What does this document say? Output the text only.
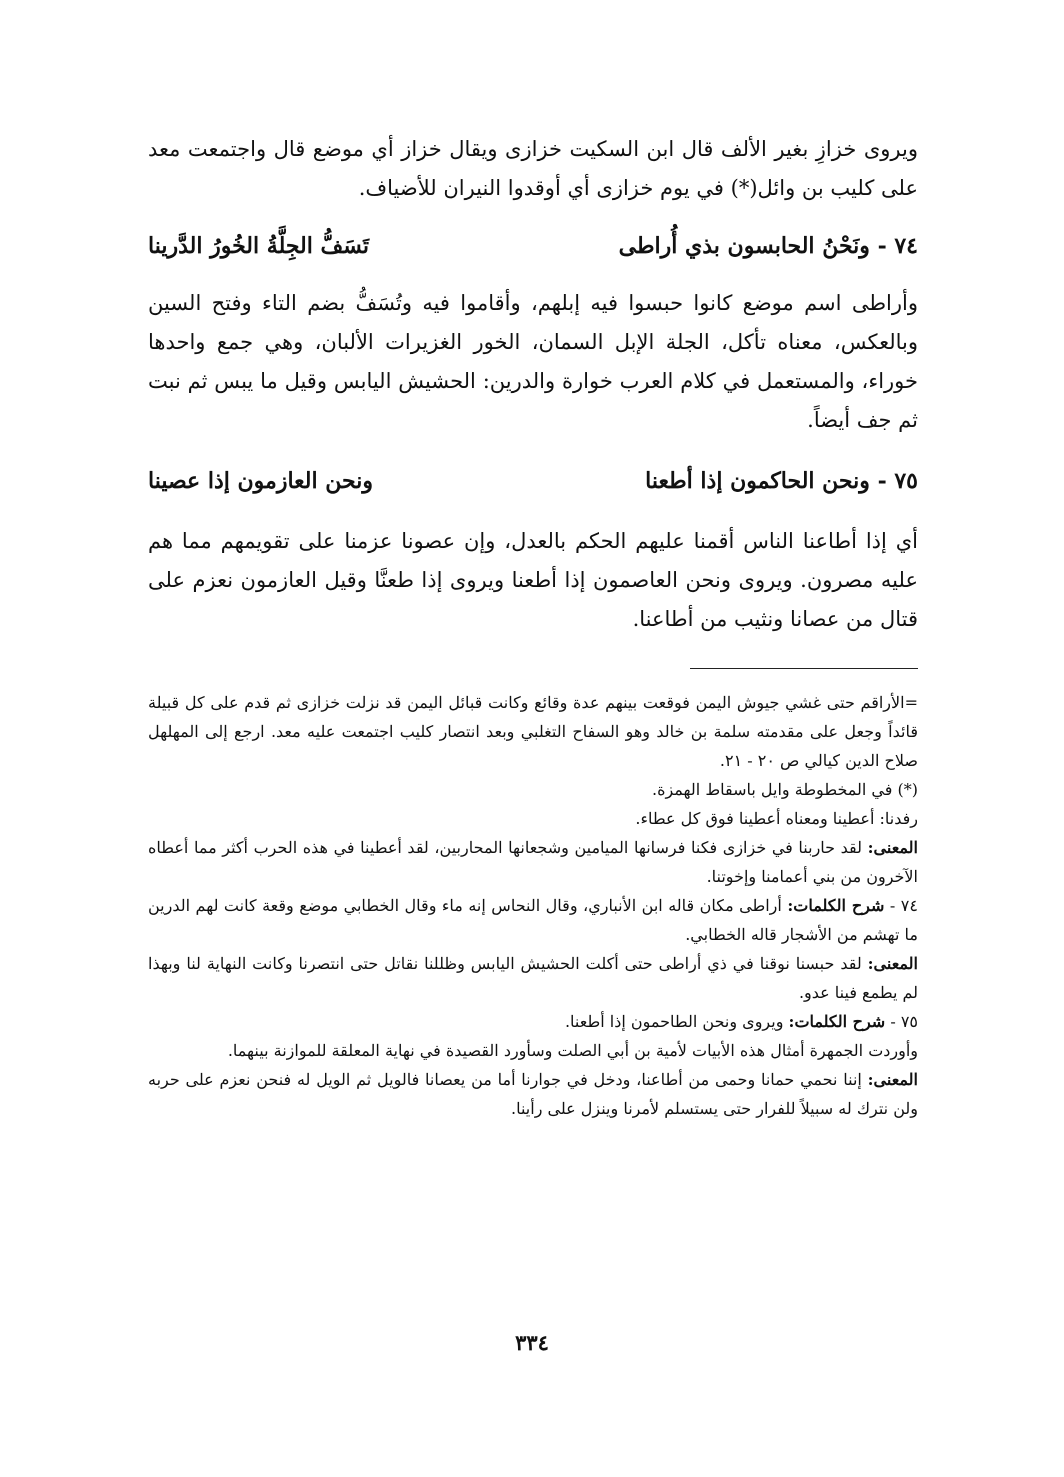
ويروى خزازِ بغير الألف قال ابن السكيت خزازى ويقال خزاز أي موضع قال واجتمعت معد على كليب بن وائل(*) في يوم خزازى أي أوقدوا النيران للأضياف.
٧٤ - ونَحْنُ الحابسون بذي أُراطى
تَسَفُّ الجِلَّةُ الخُورُ الدَّرينا
وأراطى اسم موضع كانوا حبسوا فيه إبلهم، وأقاموا فيه وتُسَفُّ بضم التاء وفتح السين وبالعكس، معناه تأكل، الجلة الإبل السمان، الخور الغزيرات الألبان، وهي جمع واحدها خوراء، والمستعمل في كلام العرب خوارة والدرين: الحشيش اليابس وقيل ما يبس ثم نبت ثم جف أيضاً.
٧٥ - ونحن الحاكمون إذا أطعنا
ونحن العازمون إذا عصينا
أي إذا أطاعنا الناس أقمنا عليهم الحكم بالعدل، وإن عصونا عزمنا على تقويمهم مما هم عليه مصرون. ويروى ونحن العاصمون إذا أطعنا ويروى إذا طعنَّا وقيل العازمون نعزم على قتال من عصانا ونثيب من أطاعنا.
=الأراقم حتى غشي جيوش اليمن فوقعت بينهم عدة وقائع وكانت قبائل اليمن قد نزلت خزازى ثم قدم على كل قبيلة قائداً وجعل على مقدمته سلمة بن خالد وهو السفاح التغلبي وبعد انتصار كليب اجتمعت عليه معد. ارجع إلى المهلهل صلاح الدين كيالي ص ٢٠ - ٢١.
(*) في المخطوطة وايل باسقاط الهمزة.
رفدنا: أعطينا ومعناه أعطينا فوق كل عطاء.
المعنى: لقد حاربنا في خزازى فكنا فرسانها الميامين وشجعانها المحاربين، لقد أعطينا في هذه الحرب أكثر مما أعطاه الآخرون من بني أعمامنا وإخوتنا.
٧٤ - شرح الكلمات: أراطى مكان قاله ابن الأنباري، وقال النحاس إنه ماء وقال الخطابي موضع وقعة كانت لهم الدرين ما تهشم من الأشجار قاله الخطابي.
المعنى: لقد حبسنا نوقنا في ذي أراطى حتى أكلت الحشيش اليابس وظللنا نقاتل حتى انتصرنا وكانت النهاية لنا وبهذا لم يطمع فينا عدو.
٧٥ - شرح الكلمات: ويروى ونحن الطاحمون إذا أطعنا.
وأوردت الجمهرة أمثال هذه الأبيات لأمية بن أبي الصلت وسأورد القصيدة في نهاية المعلقة للموازنة بينهما.
المعنى: إننا نحمي حمانا وحمى من أطاعنا، ودخل في جوارنا أما من يعصانا فالويل ثم الويل له فنحن نعزم على حربه ولن نترك له سبيلاً للفرار حتى يستسلم لأمرنا وينزل على رأينا.
٣٣٤
